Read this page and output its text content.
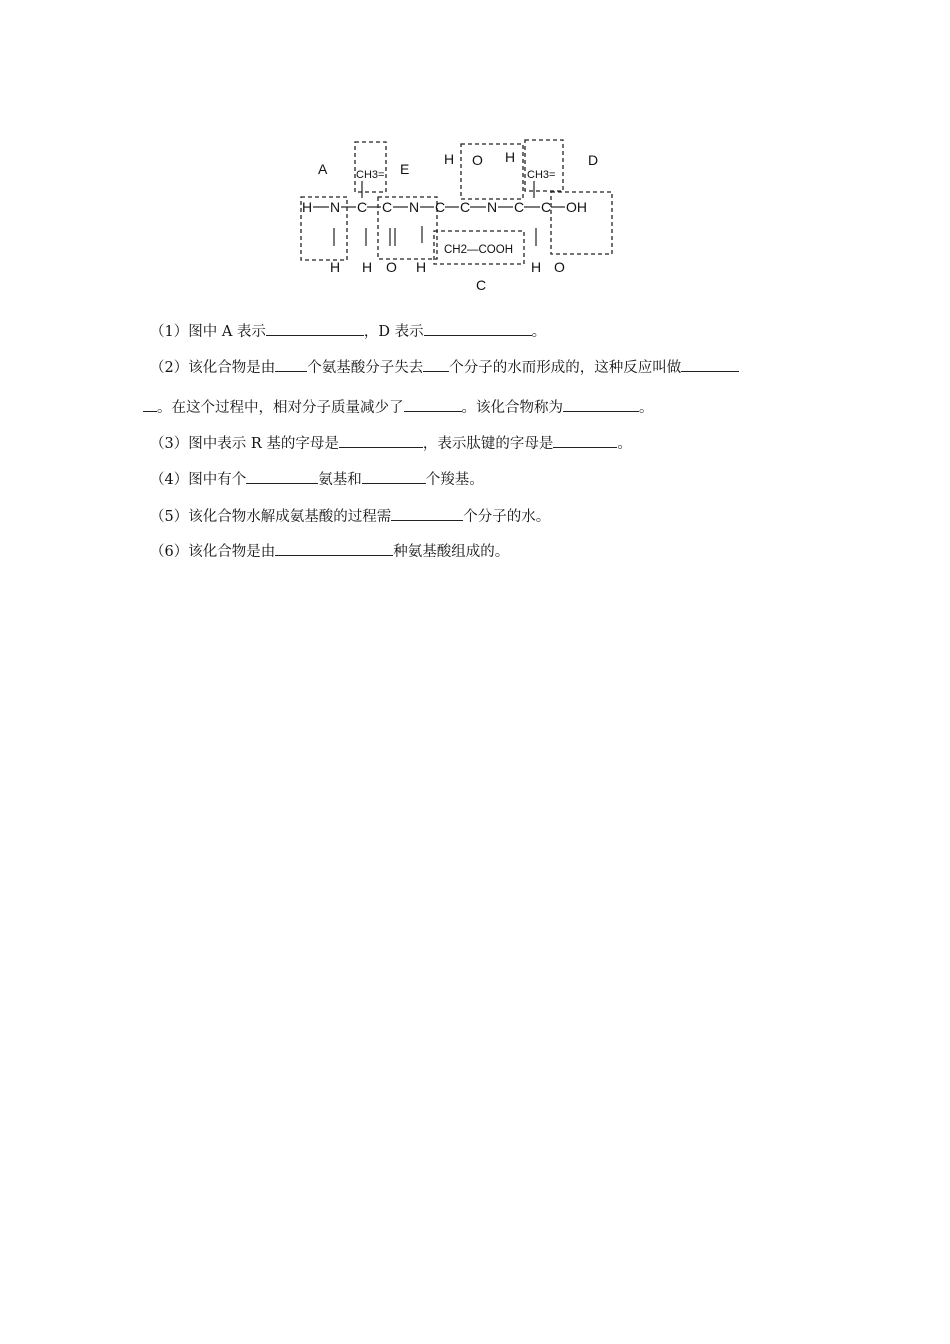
A	E
D
C
H O H
CH3=	CH3=
H N C C N C C N C C OH
CH2—COOH
H H O H	H O
（1）图中 A 表示	，D 表示	。
（2）该化合物是由 个氨基酸分子失去 个分子的水而形成的，这种反应叫做
。在这个过程中，相对分子质量减少了	。该化合物称为	。
（3）图中表示 R 基的字母是	，表示肽键的字母是	。
（4）图中有个	氨基和	个羧基。
（5）该化合物水解成氨基酸的过程需	个分子的水。
（6）该化合物是由	种氨基酸组成的。
